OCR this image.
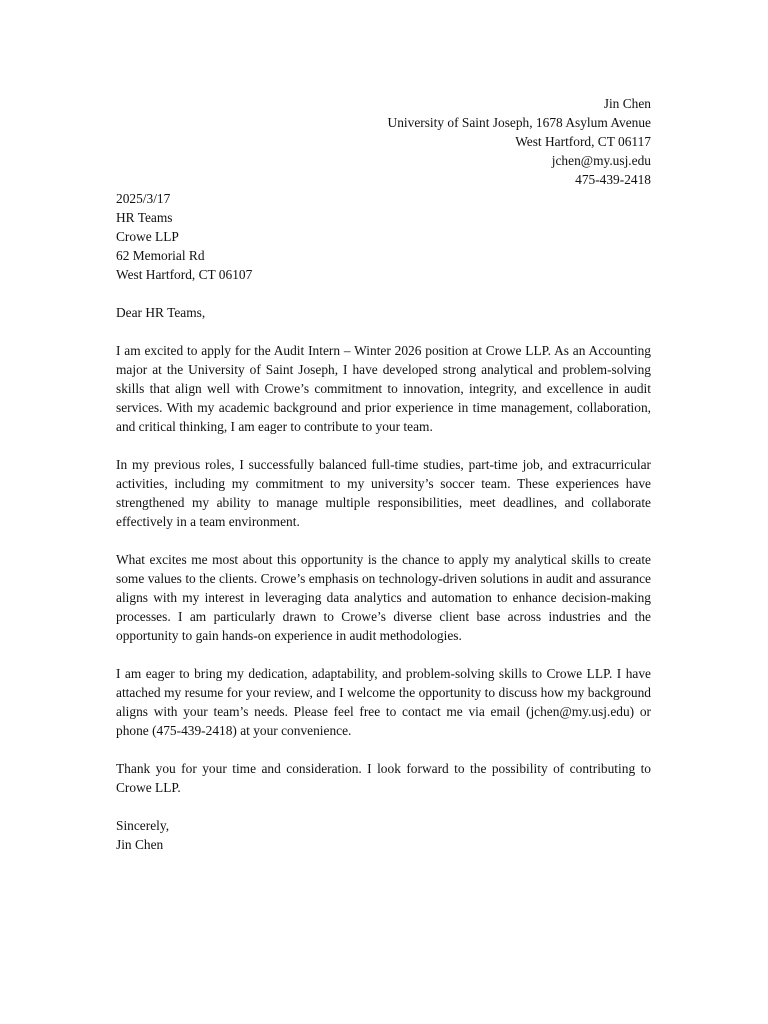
Jin Chen
University of Saint Joseph, 1678 Asylum Avenue
West Hartford, CT 06117
jchen@my.usj.edu
475-439-2418
2025/3/17
HR Teams
Crowe LLP
62 Memorial Rd
West Hartford, CT 06107
Dear HR Teams,

I am excited to apply for the Audit Intern – Winter 2026 position at Crowe LLP. As an Accounting major at the University of Saint Joseph, I have developed strong analytical and problem-solving skills that align well with Crowe’s commitment to innovation, integrity, and excellence in audit services. With my academic background and prior experience in time management, collaboration, and critical thinking, I am eager to contribute to your team.

In my previous roles, I successfully balanced full-time studies, part-time job, and extracurricular activities, including my commitment to my university’s soccer team. These experiences have strengthened my ability to manage multiple responsibilities, meet deadlines, and collaborate effectively in a team environment.

What excites me most about this opportunity is the chance to apply my analytical skills to create some values to the clients. Crowe’s emphasis on technology-driven solutions in audit and assurance aligns with my interest in leveraging data analytics and automation to enhance decision-making processes. I am particularly drawn to Crowe’s diverse client base across industries and the opportunity to gain hands-on experience in audit methodologies.

I am eager to bring my dedication, adaptability, and problem-solving skills to Crowe LLP. I have attached my resume for your review, and I welcome the opportunity to discuss how my background aligns with your team’s needs. Please feel free to contact me via email (jchen@my.usj.edu) or phone (475-439-2418) at your convenience.

Thank you for your time and consideration. I look forward to the possibility of contributing to Crowe LLP.

Sincerely,
Jin Chen
